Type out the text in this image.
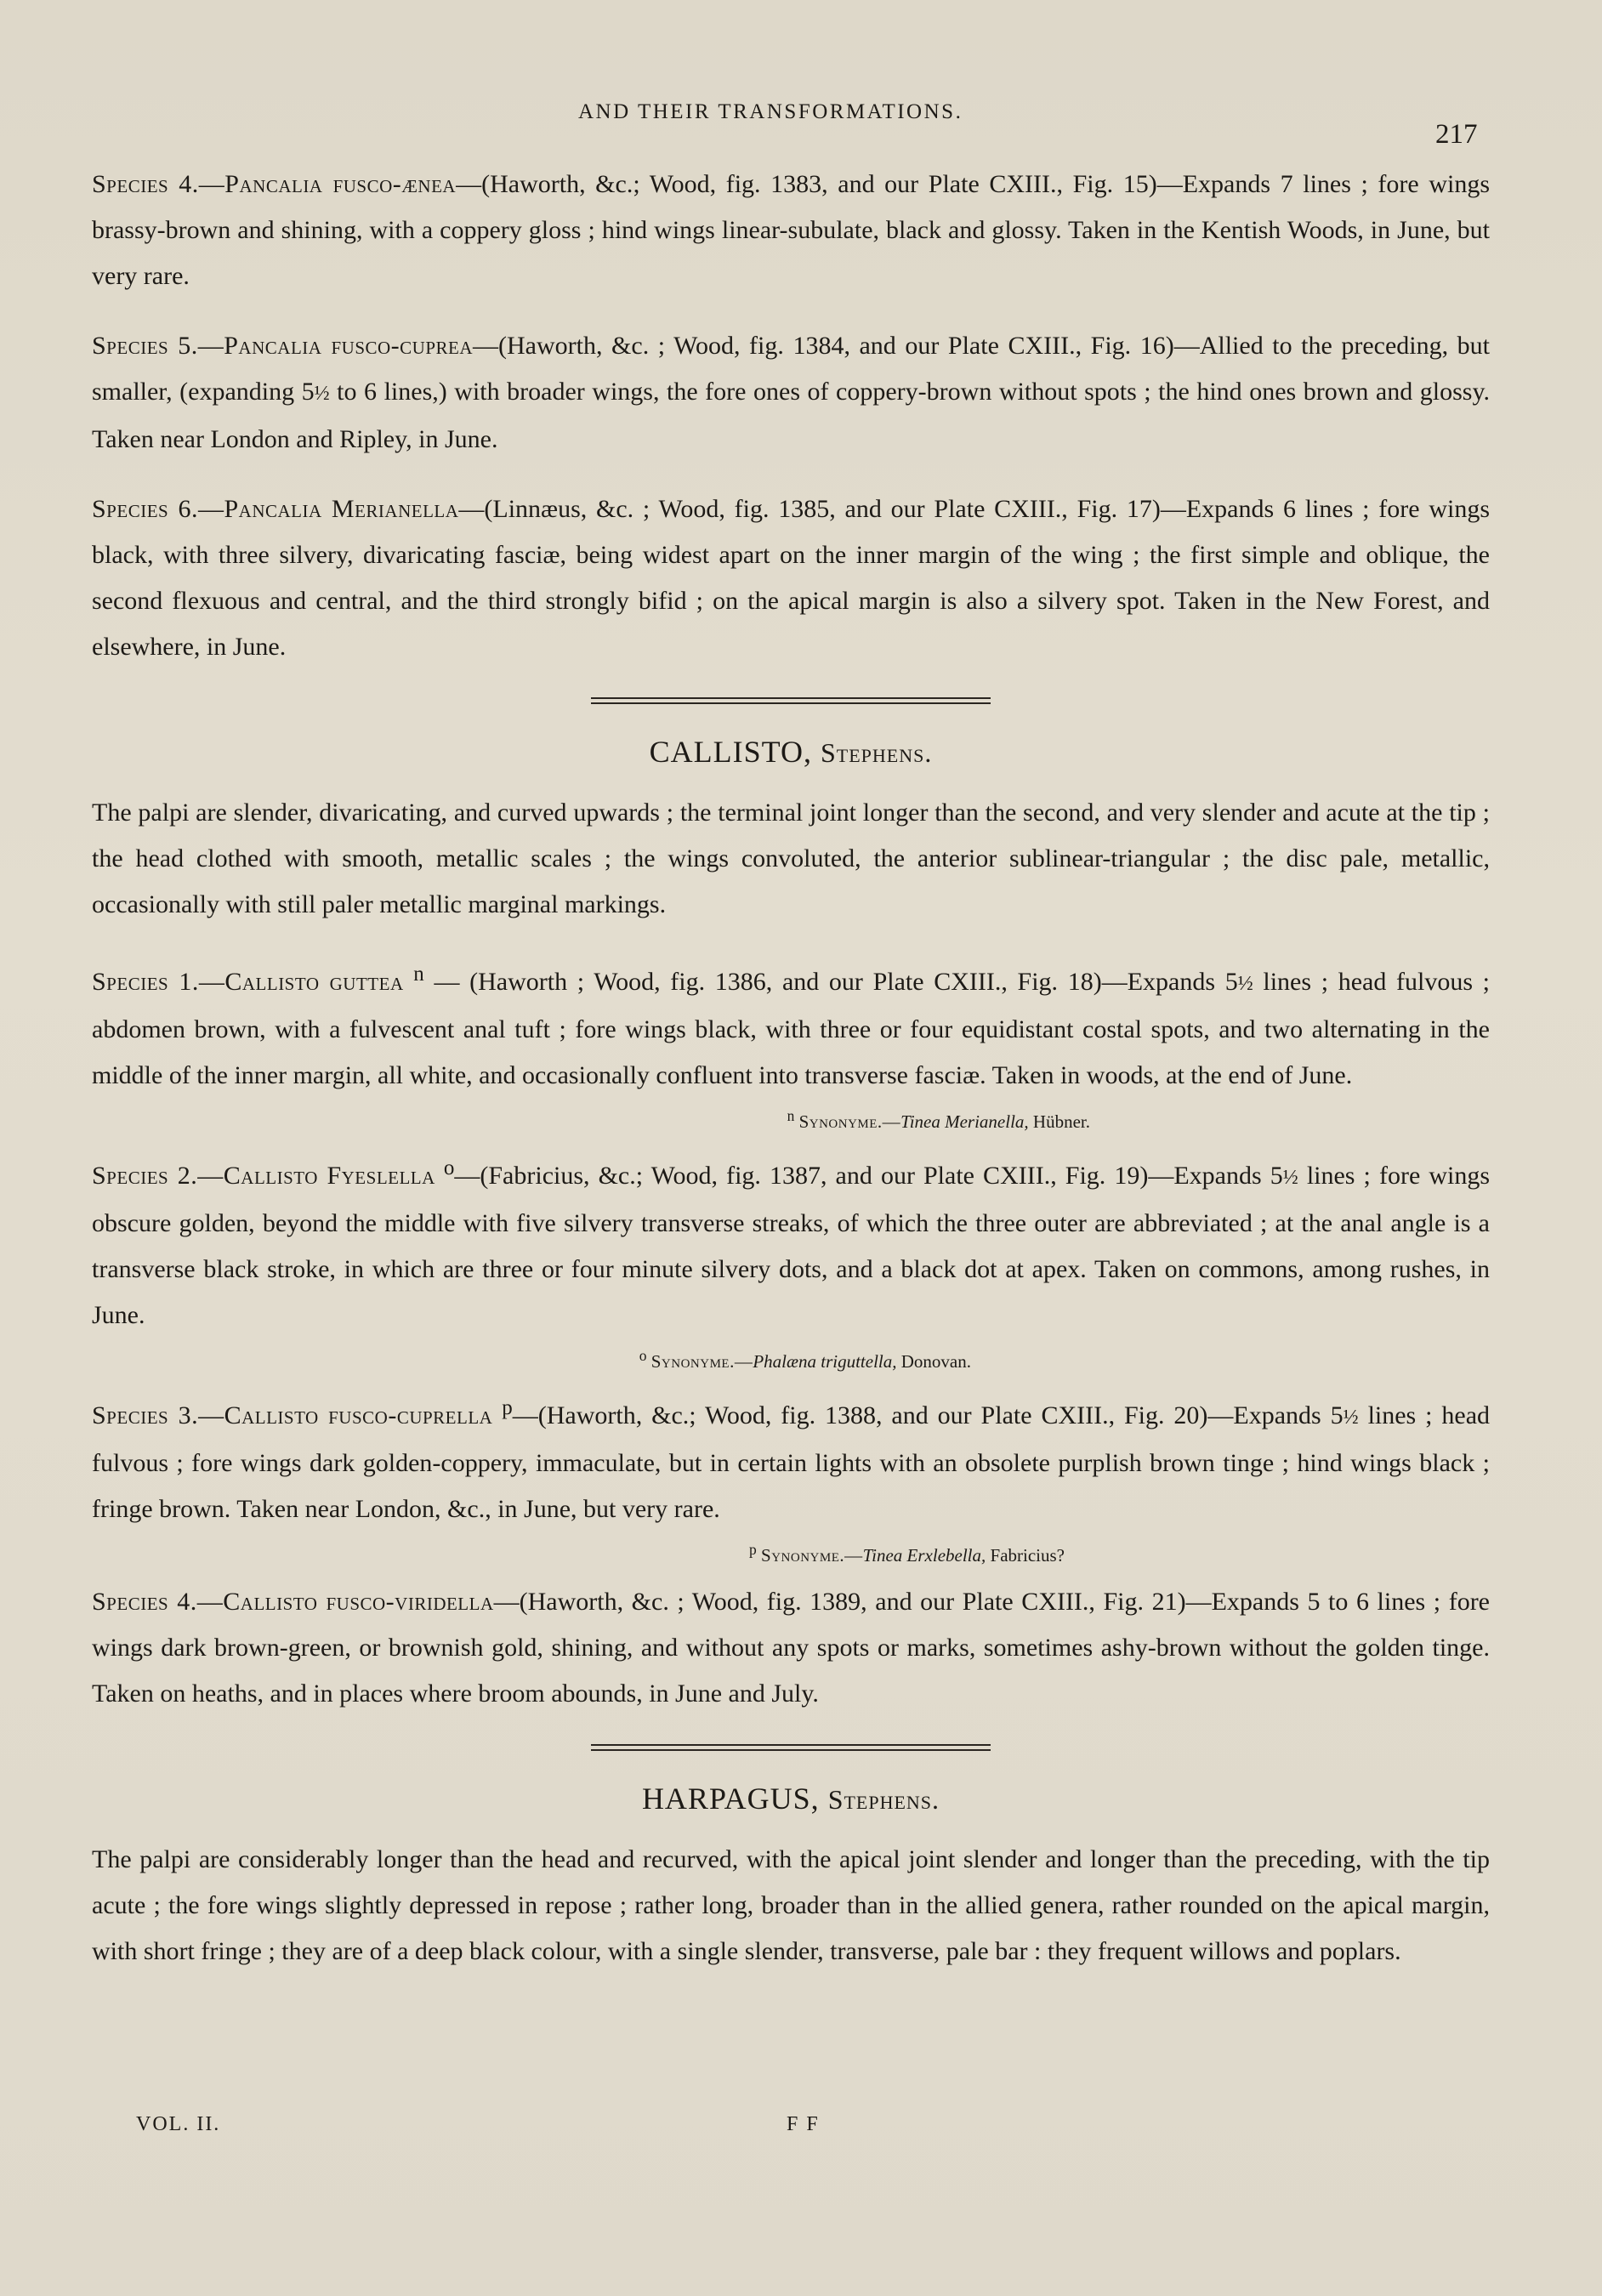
AND THEIR TRANSFORMATIONS.
217

Species 4.—Pancalia fusco-ænea—(Haworth, &c.; Wood, fig. 1383, and our Plate CXIII., Fig. 15)—Expands 7 lines ; fore wings brassy-brown and shining, with a coppery gloss ; hind wings linear-subulate, black and glossy. Taken in the Kentish Woods, in June, but very rare.

Species 5.—Pancalia fusco-cuprea—(Haworth, &c. ; Wood, fig. 1384, and our Plate CXIII., Fig. 16)—Allied to the preceding, but smaller, (expanding 5½ to 6 lines,) with broader wings, the fore ones of coppery-brown without spots ; the hind ones brown and glossy. Taken near London and Ripley, in June.

Species 6.—Pancalia Merianella—(Linnæus, &c. ; Wood, fig. 1385, and our Plate CXIII., Fig. 17)—Expands 6 lines ; fore wings black, with three silvery, divaricating fasciæ, being widest apart on the inner margin of the wing ; the first simple and oblique, the second flexuous and central, and the third strongly bifid ; on the apical margin is also a silvery spot. Taken in the New Forest, and elsewhere, in June.

CALLISTO, Stephens.

The palpi are slender, divaricating, and curved upwards ; the terminal joint longer than the second, and very slender and acute at the tip ; the head clothed with smooth, metallic scales ; the wings convoluted, the anterior sublinear-triangular ; the disc pale, metallic, occasionally with still paler metallic marginal markings.

Species 1.—Callisto guttea $^n$ — (Haworth ; Wood, fig. 1386, and our Plate CXIII., Fig. 18)—Expands 5½ lines ; head fulvous ; abdomen brown, with a fulvescent anal tuft ; fore wings black, with three or four equidistant costal spots, and two alternating in the middle of the inner margin, all white, and occasionally confluent into transverse fasciæ. Taken in woods, at the end of June.

$^n$ Synonyme.—Tinea Merianella, Hübner.

Species 2.—Callisto Fyeslella $^o$—(Fabricius, &c.; Wood, fig. 1387, and our Plate CXIII., Fig. 19)—Expands 5½ lines ; fore wings obscure golden, beyond the middle with five silvery transverse streaks, of which the three outer are abbreviated ; at the anal angle is a transverse black stroke, in which are three or four minute silvery dots, and a black dot at apex. Taken on commons, among rushes, in June.

$^o$ Synonyme.—Phalæna triguttella, Donovan.

Species 3.—Callisto fusco-cuprella $^p$—(Haworth, &c.; Wood, fig. 1388, and our Plate CXIII., Fig. 20)—Expands 5½ lines ; head fulvous ; fore wings dark golden-coppery, immaculate, but in certain lights with an obsolete purplish brown tinge ; hind wings black ; fringe brown. Taken near London, &c., in June, but very rare.

$^p$ Synonyme.—Tinea Erxlebella, Fabricius?

Species 4.—Callisto fusco-viridella—(Haworth, &c. ; Wood, fig. 1389, and our Plate CXIII., Fig. 21)—Expands 5 to 6 lines ; fore wings dark brown-green, or brownish gold, shining, and without any spots or marks, sometimes ashy-brown without the golden tinge. Taken on heaths, and in places where broom abounds, in June and July.

HARPAGUS, Stephens.

The palpi are considerably longer than the head and recurved, with the apical joint slender and longer than the preceding, with the tip acute ; the fore wings slightly depressed in repose ; rather long, broader than in the allied genera, rather rounded on the apical margin, with short fringe ; they are of a deep black colour, with a single slender, transverse, pale bar : they frequent willows and poplars.

VOL. II.	F F
